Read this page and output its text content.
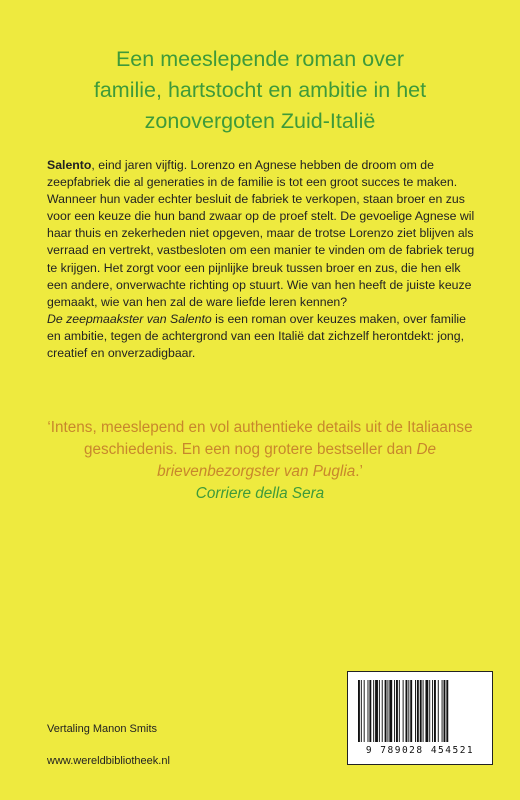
Een meeslepende roman over
familie, hartstocht en ambitie in het
zonovergoten Zuid-Italië

Salento, eind jaren vijftig. Lorenzo en Agnese hebben de droom om de zeepfabriek die al generaties in de familie is tot een groot succes te maken. Wanneer hun vader echter besluit de fabriek te verkopen, staan broer en zus voor een keuze die hun band zwaar op de proef stelt. De gevoelige Agnese wil haar thuis en zekerheden niet opgeven, maar de trotse Lorenzo ziet blijven als verraad en vertrekt, vastbesloten om een manier te vinden om de fabriek terug te krijgen. Het zorgt voor een pijnlijke breuk tussen broer en zus, die hen elk een andere, onverwachte richting op stuurt. Wie van hen heeft de juiste keuze gemaakt, wie van hen zal de ware liefde leren kennen?

De zeepmaakster van Salento is een roman over keuzes maken, over familie en ambitie, tegen de achtergrond van een Italië dat zichzelf herontdekt: jong, creatief en onverzadigbaar.

‘Intens, meeslepend en vol authentieke details uit de Italiaanse geschiedenis. En een nog grotere bestseller dan De brievenbezorgster van Puglia.’
Corriere della Sera
Vertaling Manon Smits
www.wereldbibliotheek.nl
9 789028 454521
